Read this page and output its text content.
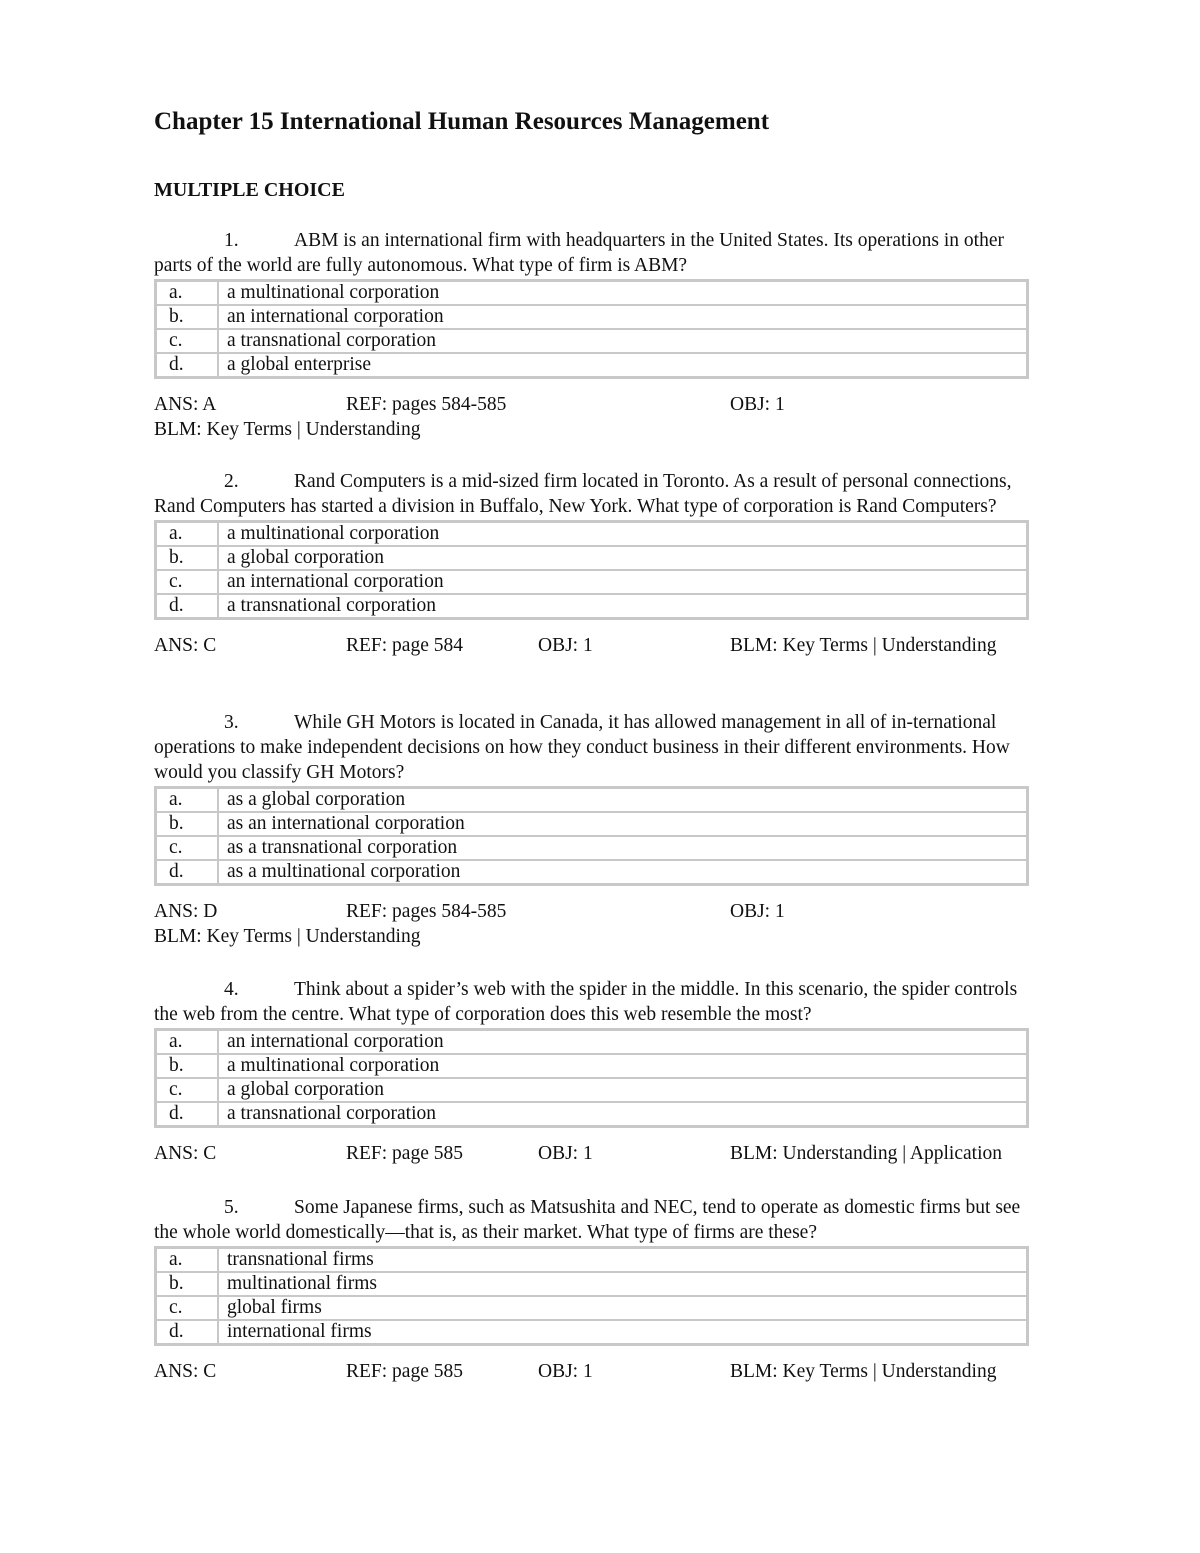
Chapter 15 International Human Resources Management
MULTIPLE CHOICE

1.	ABM is an international firm with headquarters in the United States. Its operations in other parts of the world are fully autonomous. What type of firm is ABM?

a.	a multinational corporation
b.	an international corporation
c.	a transnational corporation
d.	a global enterprise
ANS: A	REF: pages 584-585	OBJ: 1
BLM: Key Terms | Understanding

2.	Rand Computers is a mid-sized firm located in Toronto. As a result of personal connections, Rand Computers has started a division in Buffalo, New York. What type of corporation is Rand Computers?

a.	a multinational corporation
b.	a global corporation
c.	an international corporation
d.	a transnational corporation
ANS: C	REF: page 584	OBJ: 1	BLM: Key Terms | Understanding

3.	While GH Motors is located in Canada, it has allowed management in all of in-ternational operations to make independent decisions on how they conduct business in their different environments. How would you classify GH Motors?

a.	as a global corporation
b.	as an international corporation
c.	as a transnational corporation
d.	as a multinational corporation
ANS: D	REF: pages 584-585	OBJ: 1
BLM: Key Terms | Understanding

4.	Think about a spider’s web with the spider in the middle. In this scenario, the spider controls the web from the centre. What type of corporation does this web resemble the most?

a.	an international corporation
b.	a multinational corporation
c.	a global corporation
d.	a transnational corporation
ANS: C	REF: page 585	OBJ: 1	BLM: Understanding | Application

5.	Some Japanese firms, such as Matsushita and NEC, tend to operate as domestic firms but see the whole world domestically—that is, as their market. What type of firms are these?

a.	transnational firms
b.	multinational firms
c.	global firms
d.	international firms
ANS: C	REF: page 585	OBJ: 1	BLM: Key Terms | Understanding
